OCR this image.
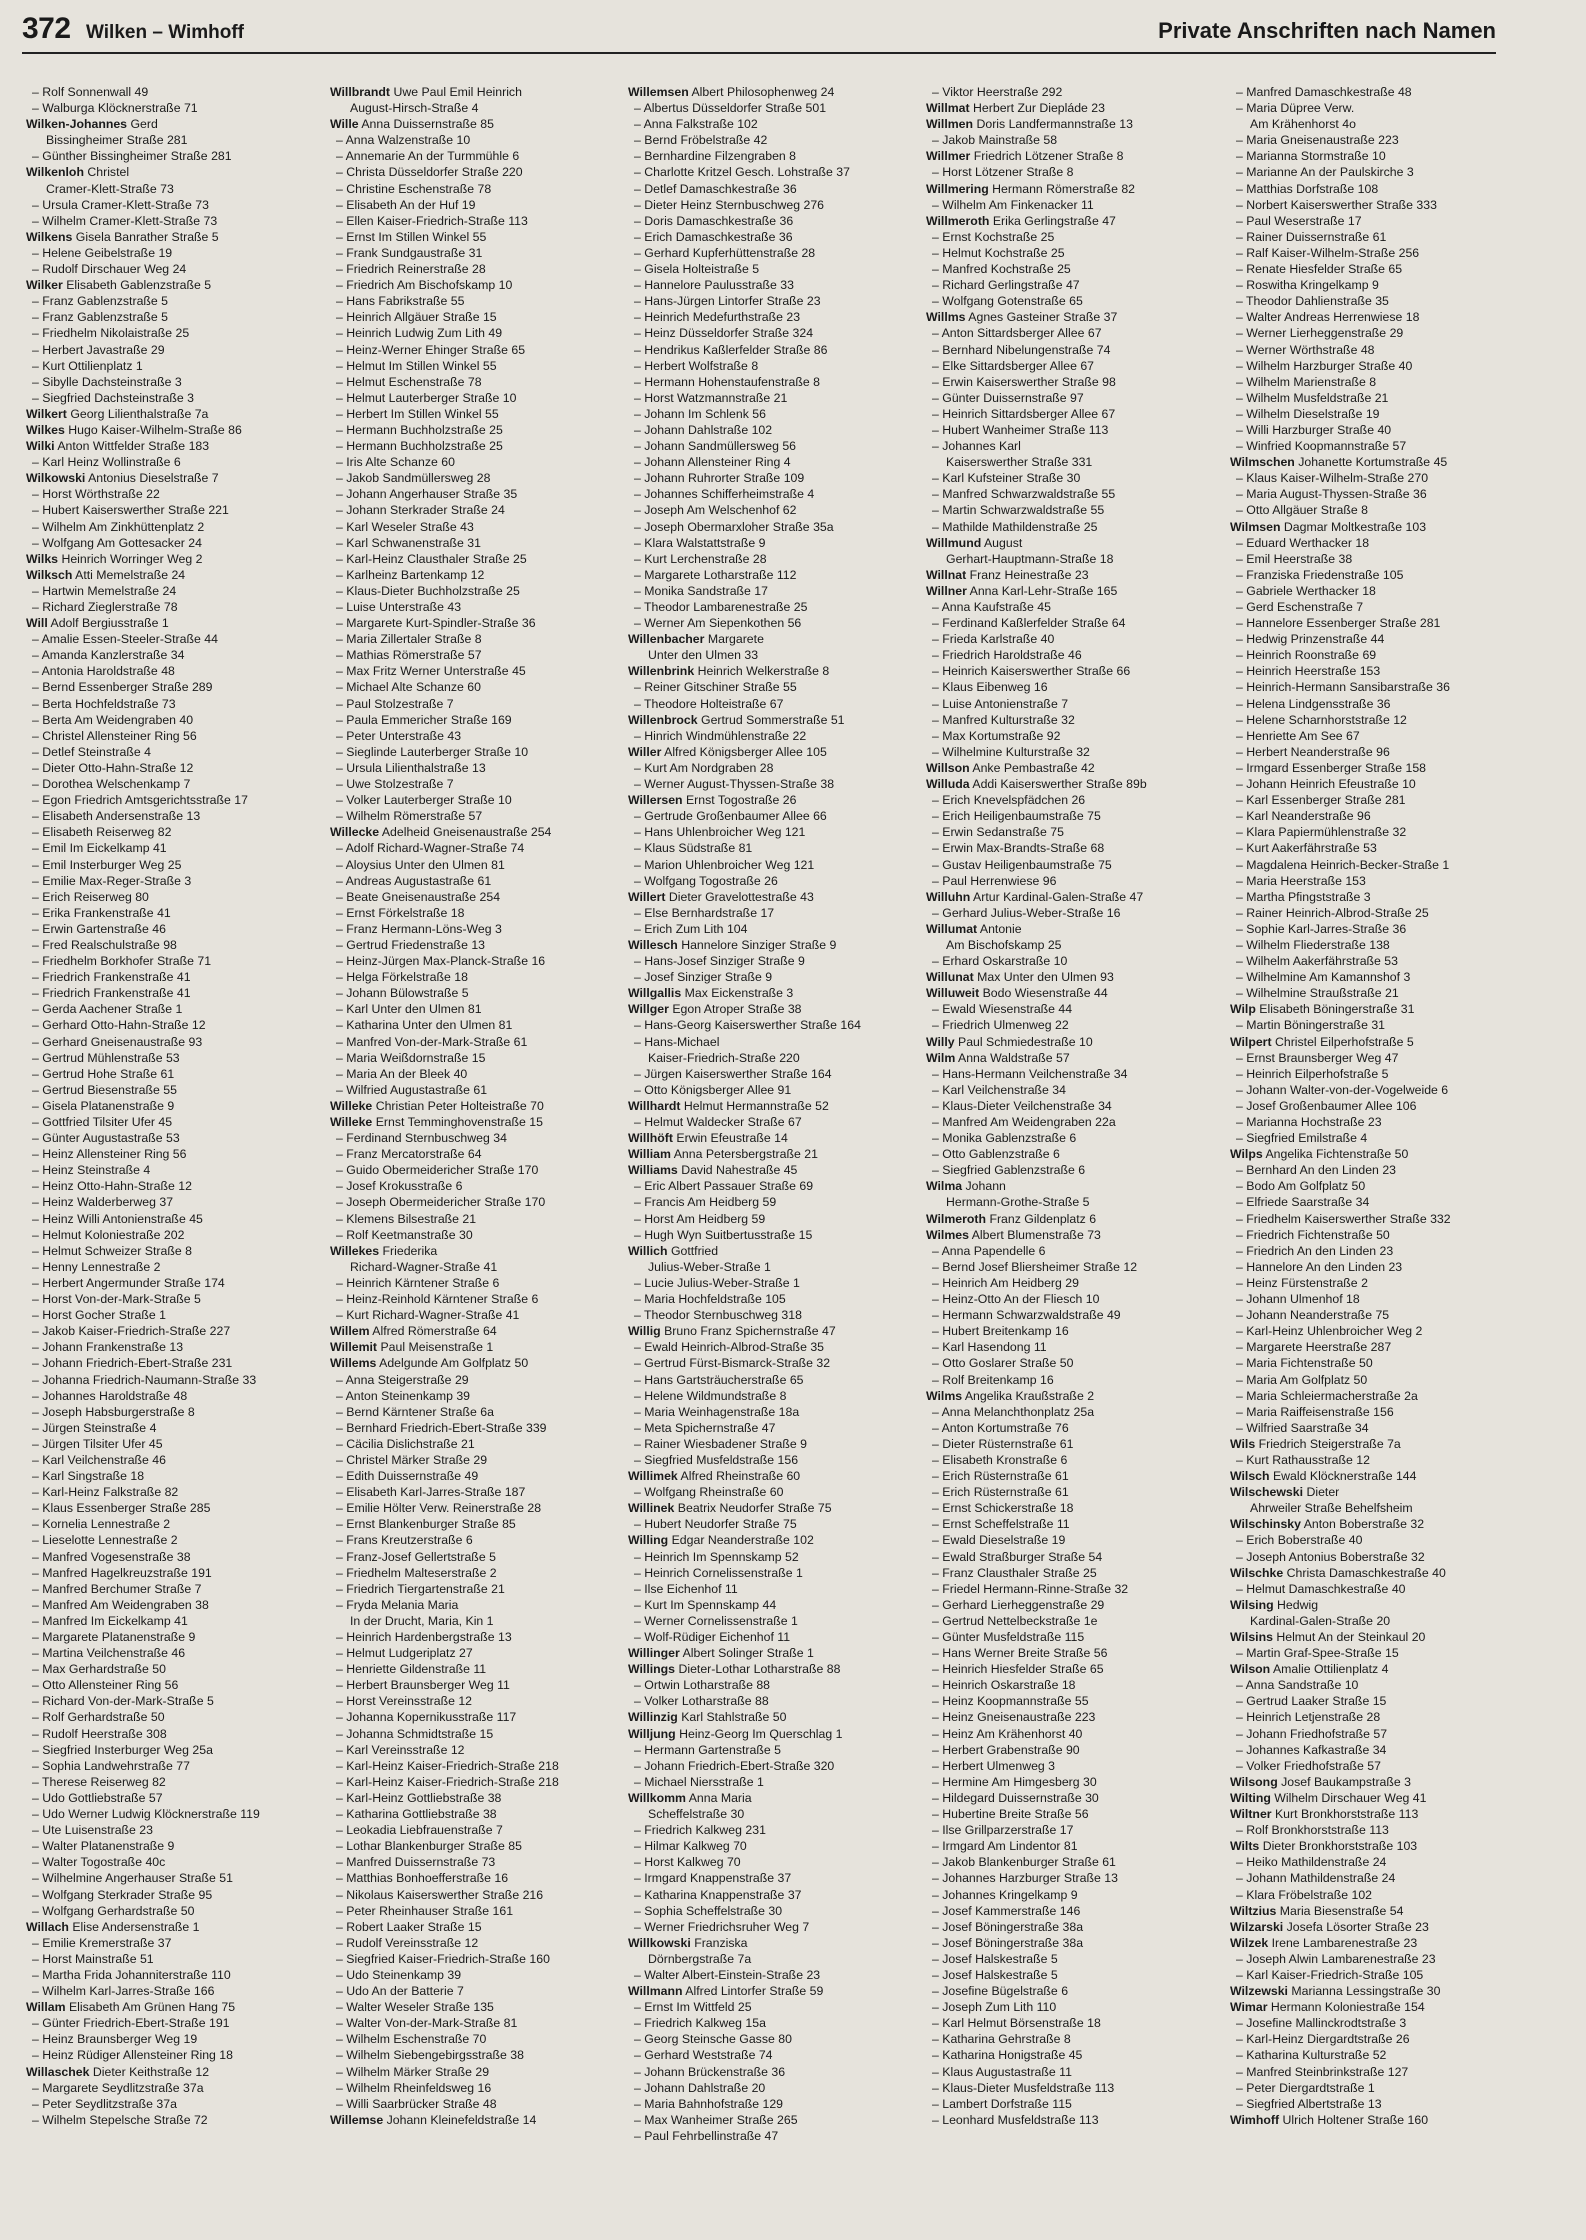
372 Wilken – Wimhoff	Private Anschriften nach Namen
– Rolf Sonnenwall 49
– Walburga Klöcknerstraße 71
Wilken-Johannes Gerd
Bissingheimer Straße 281
– Günther Bissingheimer Straße 281
Wilkenloh Christel
Cramer-Klett-Straße 73
– Ursula Cramer-Klett-Straße 73
– Wilhelm Cramer-Klett-Straße 73
Wilkens Gisela Banrather Straße 5
– Helene Geibelstraße 19
– Rudolf Dirschauer Weg 24
Wilker Elisabeth Gablenzstraße 5
– Franz Gablenzstraße 5
– Franz Gablenzstraße 5
– Friedhelm Nikolaistraße 25
– Herbert Javastraße 29
– Kurt Ottilienplatz 1
– Sibylle Dachsteinstraße 3
– Siegfried Dachsteinstraße 3
Wilkert Georg Lilienthalstraße 7a
Wilkes Hugo Kaiser-Wilhelm-Straße 86
Wilki Anton Wittfelder Straße 183
– Karl Heinz Wollinstraße 6
Wilkowski Antonius Dieselstraße 7
– Horst Wörthstraße 22
– Hubert Kaiserswerther Straße 221
– Wilhelm Am Zinkhüttenplatz 2
– Wolfgang Am Gottesacker 24
Wilks Heinrich Worringer Weg 2
Wilksch Atti Memelstraße 24
– Hartwin Memelstraße 24
– Richard Zieglerstraße 78
Will Adolf Bergiusstraße 1
– Amalie Essen-Steeler-Straße 44
– Amanda Kanzlerstraße 34
– Antonia Haroldstraße 48
– Bernd Essenberger Straße 289
– Berta Hochfeldstraße 73
– Berta Am Weidengraben 40
– Christel Allensteiner Ring 56
– Detlef Steinstraße 4
– Dieter Otto-Hahn-Straße 12
– Dorothea Welschenkamp 7
– Egon Friedrich Amtsgerichtsstraße 17
– Elisabeth Andersenstraße 13
– Elisabeth Reiserweg 82
– Emil Im Eickelkamp 41
– Emil Insterburger Weg 25
– Emilie Max-Reger-Straße 3
– Erich Reiserweg 80
– Erika Frankenstraße 41
– Erwin Gartenstraße 46
– Fred Realschulstraße 98
– Friedhelm Borkhofer Straße 71
– Friedrich Frankenstraße 41
– Friedrich Frankenstraße 41
– Gerda Aachener Straße 1
– Gerhard Otto-Hahn-Straße 12
– Gerhard Gneisenaustraße 93
– Gertrud Mühlenstraße 53
– Gertrud Hohe Straße 61
– Gertrud Biesenstraße 55
– Gisela Platanenstraße 9
– Gottfried Tilsiter Ufer 45
– Günter Augustastraße 53
– Heinz Allensteiner Ring 56
– Heinz Steinstraße 4
– Heinz Otto-Hahn-Straße 12
– Heinz Walderberweg 37
– Heinz Willi Antonienstraße 45
– Helmut Koloniestraße 202
– Helmut Schweizer Straße 8
– Henny Lennestraße 2
– Herbert Angermunder Straße 174
– Horst Von-der-Mark-Straße 5
– Horst Gocher Straße 1
– Jakob Kaiser-Friedrich-Straße 227
– Johann Frankenstraße 13
– Johann Friedrich-Ebert-Straße 231
– Johanna Friedrich-Naumann-Straße 33
– Johannes Haroldstraße 48
– Joseph Habsburgerstraße 8
– Jürgen Steinstraße 4
– Jürgen Tilsiter Ufer 45
– Karl Veilchenstraße 46
– Karl Singstraße 18
– Karl-Heinz Falkstraße 82
– Klaus Essenberger Straße 285
– Kornelia Lennestraße 2
– Lieselotte Lennestraße 2
– Manfred Vogesenstraße 38
– Manfred Hagelkreuzstraße 191
– Manfred Berchumer Straße 7
– Manfred Am Weidengraben 38
– Manfred Im Eickelkamp 41
– Margarete Platanenstraße 9
– Martina Veilchenstraße 46
– Max Gerhardstraße 50
– Otto Allensteiner Ring 56
– Richard Von-der-Mark-Straße 5
– Rolf Gerhardstraße 50
– Rudolf Heerstraße 308
– Siegfried Insterburger Weg 25a
– Sophia Landwehrstraße 77
– Therese Reiserweg 82
– Udo Gottliebstraße 57
– Udo Werner Ludwig Klöcknerstraße 119
– Ute Luisenstraße 23
– Walter Platanenstraße 9
– Walter Togostraße 40c
– Wilhelmine Angerhauser Straße 51
– Wolfgang Sterkrader Straße 95
– Wolfgang Gerhardstraße 50
Willach Elise Andersenstraße 1
– Emilie Kremerstraße 37
– Horst Mainstraße 51
– Martha Frida Johanniterstraße 110
– Wilhelm Karl-Jarres-Straße 166
Willam Elisabeth Am Grünen Hang 75
– Günter Friedrich-Ebert-Straße 191
– Heinz Braunsberger Weg 19
– Heinz Rüdiger Allensteiner Ring 18
Willaschek Dieter Keithstraße 12
– Margarete Seydlitzstraße 37a
– Peter Seydlitzstraße 37a
– Wilhelm Stepelsche Straße 72
Willbrandt Uwe Paul Emil Heinrich
August-Hirsch-Straße 4
Wille Anna Duissernstraße 85
– Anna Walzenstraße 10
– Annemarie An der Turmmühle 6
– Christa Düsseldorfer Straße 220
– Christine Eschenstraße 78
– Elisabeth An der Huf 19
– Ellen Kaiser-Friedrich-Straße 113
– Ernst Im Stillen Winkel 55
– Frank Sundgaustraße 31
– Friedrich Reinerstraße 28
– Friedrich Am Bischofskamp 10
– Hans Fabrikstraße 55
– Heinrich Allgäuer Straße 15
– Heinrich Ludwig Zum Lith 49
– Heinz-Werner Ehinger Straße 65
– Helmut Im Stillen Winkel 55
– Helmut Eschenstraße 78
– Helmut Lauterberger Straße 10
– Herbert Im Stillen Winkel 55
– Hermann Buchholzstraße 25
– Hermann Buchholzstraße 25
– Iris Alte Schanze 60
– Jakob Sandmüllersweg 28
– Johann Angerhauser Straße 35
– Johann Sterkrader Straße 24
– Karl Weseler Straße 43
– Karl Schwanenstraße 31
– Karl-Heinz Clausthaler Straße 25
– Karlheinz Bartenkamp 12
– Klaus-Dieter Buchholzstraße 25
– Luise Unterstraße 43
– Margarete Kurt-Spindler-Straße 36
– Maria Zillertaler Straße 8
– Mathias Römerstraße 57
– Max Fritz Werner Unterstraße 45
– Michael Alte Schanze 60
– Paul Stolzestraße 7
– Paula Emmericher Straße 169
– Peter Unterstraße 43
– Sieglinde Lauterberger Straße 10
– Ursula Lilienthalstraße 13
– Uwe Stolzestraße 7
– Volker Lauterberger Straße 10
– Wilhelm Römerstraße 57
Willecke Adelheid Gneisenaustraße 254
– Adolf Richard-Wagner-Straße 74
– Aloysius Unter den Ulmen 81
– Andreas Augustastraße 61
– Beate Gneisenaustraße 254
– Ernst Förkelstraße 18
– Franz Hermann-Löns-Weg 3
– Gertrud Friedenstraße 13
– Heinz-Jürgen Max-Planck-Straße 16
– Helga Förkelstraße 18
– Johann Bülowstraße 5
– Karl Unter den Ulmen 81
– Katharina Unter den Ulmen 81
– Manfred Von-der-Mark-Straße 61
– Maria Weißdornstraße 15
– Maria An der Bleek 40
– Wilfried Augustastraße 61
Willeke Christian Peter Holteistraße 70
Willeke Ernst Temminghovenstraße 15
– Ferdinand Sternbuschweg 34
– Franz Mercatorstraße 64
– Guido Obermeidericher Straße 170
– Josef Krokusstraße 6
– Joseph Obermeidericher Straße 170
– Klemens Bilsestraße 21
– Rolf Keetmanstraße 30
Willekes Friederika
Richard-Wagner-Straße 41
– Heinrich Kärntener Straße 6
– Heinz-Reinhold Kärntener Straße 6
– Kurt Richard-Wagner-Straße 41
Willem Alfred Römerstraße 64
Willemit Paul Meisenstraße 1
Willems Adelgunde Am Golfplatz 50
– Anna Steigerstraße 29
– Anton Steinenkamp 39
– Bernd Kärntener Straße 6a
– Bernhard Friedrich-Ebert-Straße 339
– Cäcilia Dislichstraße 21
– Christel Märker Straße 29
– Edith Duissernstraße 49
– Elisabeth Karl-Jarres-Straße 187
– Emilie Hölter Verw. Reinerstraße 28
– Ernst Blankenburger Straße 85
– Frans Kreutzerstraße 6
– Franz-Josef Gellertstraße 5
– Friedhelm Malteserstraße 2
– Friedrich Tiergartenstraße 21
– Fryda Melania Maria
In der Drucht, Maria, Kin 1
– Heinrich Hardenbergstraße 13
– Helmut Ludgeriplatz 27
– Henriette Gildenstraße 11
– Herbert Braunsberger Weg 11
– Horst Vereinsstraße 12
– Johanna Kopernikusstraße 117
– Johanna Schmidtstraße 15
– Karl Vereinsstraße 12
– Karl-Heinz Kaiser-Friedrich-Straße 218
– Karl-Heinz Kaiser-Friedrich-Straße 218
– Karl-Heinz Gottliebstraße 38
– Katharina Gottliebstraße 38
– Leokadia Liebfrauenstraße 7
– Lothar Blankenburger Straße 85
– Manfred Duissernstraße 73
– Matthias Bonhoefferstraße 16
– Nikolaus Kaiserswerther Straße 216
– Peter Rheinhauser Straße 161
– Robert Laaker Straße 15
– Rudolf Vereinsstraße 12
– Siegfried Kaiser-Friedrich-Straße 160
– Udo Steinenkamp 39
– Udo An der Batterie 7
– Walter Weseler Straße 135
– Walter Von-der-Mark-Straße 81
– Wilhelm Eschenstraße 70
– Wilhelm Siebengebirgsstraße 38
– Wilhelm Märker Straße 29
– Wilhelm Rheinfeldsweg 16
– Willi Saarbrücker Straße 48
Willemse Johann Kleinefeldstraße 14
Willemsen Albert Philosophenweg 24
– Albertus Düsseldorfer Straße 501
– Anna Falkstraße 102
– Bernd Fröbelstraße 42
– Bernhardine Filzengraben 8
– Charlotte Kritzel Gesch. Lohstraße 37
– Detlef Damaschkestraße 36
– Dieter Heinz Sternbuschweg 276
– Doris Damaschkestraße 36
– Erich Damaschkestraße 36
– Gerhard Kupferhüttenstraße 28
– Gisela Holteistraße 5
– Hannelore Paulusstraße 33
– Hans-Jürgen Lintorfer Straße 23
– Heinrich Medefurthstraße 23
– Heinz Düsseldorfer Straße 324
– Hendrikus Kaßlerfelder Straße 86
– Herbert Wolfstraße 8
– Hermann Hohenstaufenstraße 8
– Horst Watzmannstraße 21
– Johann Im Schlenk 56
– Johann Dahlstraße 102
– Johann Sandmüllersweg 56
– Johann Allensteiner Ring 4
– Johann Ruhrorter Straße 109
– Johannes Schifferheimstraße 4
– Joseph Am Welschenhof 62
– Joseph Obermarxloher Straße 35a
– Klara Walstattstraße 9
– Kurt Lerchenstraße 28
– Margarete Lotharstraße 112
– Monika Sandstraße 17
– Theodor Lambarenestraße 25
– Werner Am Siepenkothen 56
Willenbacher Margarete
Unter den Ulmen 33
Willenbrink Heinrich Welkerstraße 8
– Reiner Gitschiner Straße 55
– Theodore Holteistraße 67
Willenbrock Gertrud Sommerstraße 51
– Hinrich Windmühlenstraße 22
Willer Alfred Königsberger Allee 105
– Kurt Am Nordgraben 28
– Werner August-Thyssen-Straße 38
Willersen Ernst Togostraße 26
– Gertrude Großenbaumer Allee 66
– Hans Uhlenbroicher Weg 121
– Klaus Südstraße 81
– Marion Uhlenbroicher Weg 121
– Wolfgang Togostraße 26
Willert Dieter Gravelottestraße 43
– Else Bernhardstraße 17
– Erich Zum Lith 104
Willesch Hannelore Sinziger Straße 9
– Hans-Josef Sinziger Straße 9
– Josef Sinziger Straße 9
Willgallis Max Eickenstraße 3
Willger Egon Atroper Straße 38
– Hans-Georg Kaiserswerther Straße 164
– Hans-Michael
Kaiser-Friedrich-Straße 220
– Jürgen Kaiserswerther Straße 164
– Otto Königsberger Allee 91
Willhardt Helmut Hermannstraße 52
– Helmut Waldecker Straße 67
Willhöft Erwin Efeustraße 14
William Anna Petersbergstraße 21
Williams David Nahestraße 45
– Eric Albert Passauer Straße 69
– Francis Am Heidberg 59
– Horst Am Heidberg 59
– Hugh Wyn Suitbertusstraße 15
Willich Gottfried
Julius-Weber-Straße 1
– Lucie Julius-Weber-Straße 1
– Maria Hochfeldstraße 105
– Theodor Sternbuschweg 318
Willig Bruno Franz Spichernstraße 47
– Ewald Heinrich-Albrod-Straße 35
– Gertrud Fürst-Bismarck-Straße 32
– Hans Gartsträucherstraße 65
– Helene Wildmundstraße 8
– Maria Weinhagenstraße 18a
– Meta Spichernstraße 47
– Rainer Wiesbadener Straße 9
– Siegfried Musfeldstraße 156
Willimek Alfred Rheinstraße 60
– Wolfgang Rheinstraße 60
Willinek Beatrix Neudorfer Straße 75
– Hubert Neudorfer Straße 75
Willing Edgar Neanderstraße 102
– Heinrich Im Spennskamp 52
– Heinrich Cornelissenstraße 1
– Ilse Eichenhof 11
– Kurt Im Spennskamp 44
– Werner Cornelissenstraße 1
– Wolf-Rüdiger Eichenhof 11
Willinger Albert Solinger Straße 1
Willings Dieter-Lothar Lotharstraße 88
– Ortwin Lotharstraße 88
– Volker Lotharstraße 88
Willinzig Karl Stahlstraße 50
Willjung Heinz-Georg Im Querschlag 1
– Hermann Gartenstraße 5
– Johann Friedrich-Ebert-Straße 320
– Michael Niersstraße 1
Willkomm Anna Maria
Scheffelstraße 30
– Friedrich Kalkweg 231
– Hilmar Kalkweg 70
– Horst Kalkweg 70
– Irmgard Knappenstraße 37
– Katharina Knappenstraße 37
– Sophia Scheffelstraße 30
– Werner Friedrichsruher Weg 7
Willkowski Franziska
Dörnbergstraße 7a
– Walter Albert-Einstein-Straße 23
Willmann Alfred Lintorfer Straße 59
– Ernst Im Wittfeld 25
– Friedrich Kalkweg 15a
– Georg Steinsche Gasse 80
– Gerhard Weststraße 74
– Johann Brückenstraße 36
– Johann Dahlstraße 20
– Maria Bahnhofstraße 129
– Max Wanheimer Straße 265
– Paul Fehrbellinstraße 47
– Viktor Heerstraße 292
Willmat Herbert Zur Diepláde 23
Willmen Doris Landfermannstraße 13
– Jakob Mainstraße 58
Willmer Friedrich Lötzener Straße 8
– Horst Lötzener Straße 8
Willmering Hermann Römerstraße 82
– Wilhelm Am Finkenacker 11
Willmeroth Erika Gerlingstraße 47
– Ernst Kochstraße 25
– Helmut Kochstraße 25
– Manfred Kochstraße 25
– Richard Gerlingstraße 47
– Wolfgang Gotenstraße 65
Willms Agnes Gasteiner Straße 37
– Anton Sittardsberger Allee 67
– Bernhard Nibelungenstraße 74
– Elke Sittardsberger Allee 67
– Erwin Kaiserswerther Straße 98
– Günter Duissernstraße 97
– Heinrich Sittardsberger Allee 67
– Hubert Wanheimer Straße 113
– Johannes Karl
Kaiserswerther Straße 331
– Karl Kufsteiner Straße 30
– Manfred Schwarzwaldstraße 55
– Martin Schwarzwaldstraße 55
– Mathilde Mathildenstraße 25
Willmund August
Gerhart-Hauptmann-Straße 18
Willnat Franz Heinestraße 23
Willner Anna Karl-Lehr-Straße 165
– Anna Kaufstraße 45
– Ferdinand Kaßlerfelder Straße 64
– Frieda Karlstraße 40
– Friedrich Haroldstraße 46
– Heinrich Kaiserswerther Straße 66
– Klaus Eibenweg 16
– Luise Antonienstraße 7
– Manfred Kulturstraße 32
– Max Kortumstraße 92
– Wilhelmine Kulturstraße 32
Willson Anke Pembastraße 42
Willuda Addi Kaiserswerther Straße 89b
– Erich Knevelspfädchen 26
– Erich Heiligenbaumstraße 75
– Erwin Sedanstraße 75
– Erwin Max-Brandts-Straße 68
– Gustav Heiligenbaumstraße 75
– Paul Herrenwiese 96
Willuhn Artur Kardinal-Galen-Straße 47
– Gerhard Julius-Weber-Straße 16
Willumat Antonie
Am Bischofskamp 25
– Erhard Oskarstraße 10
Willunat Max Unter den Ulmen 93
Willuweit Bodo Wiesenstraße 44
– Ewald Wiesenstraße 44
– Friedrich Ulmenweg 22
Willy Paul Schmiedestraße 10
Wilm Anna Waldstraße 57
– Hans-Hermann Veilchenstraße 34
– Karl Veilchenstraße 34
– Klaus-Dieter Veilchenstraße 34
– Manfred Am Weidengraben 22a
– Monika Gablenzstraße 6
– Otto Gablenzstraße 6
– Siegfried Gablenzstraße 6
Wilma Johann
Hermann-Grothe-Straße 5
Wilmeroth Franz Gildenplatz 6
Wilmes Albert Blumenstraße 73
– Anna Papendelle 6
– Bernd Josef Bliersheimer Straße 12
– Heinrich Am Heidberg 29
– Heinz-Otto An der Fliesch 10
– Hermann Schwarzwaldstraße 49
– Hubert Breitenkamp 16
– Karl Hasendong 11
– Otto Goslarer Straße 50
– Rolf Breitenkamp 16
Wilms Angelika Kraußstraße 2
– Anna Melanchthonplatz 25a
– Anton Kortumstraße 76
– Dieter Rüsternstraße 61
– Elisabeth Kronstraße 6
– Erich Rüsternstraße 61
– Erich Rüsternstraße 61
– Ernst Schickerstraße 18
– Ernst Scheffelstraße 11
– Ewald Dieselstraße 19
– Ewald Straßburger Straße 54
– Franz Clausthaler Straße 25
– Friedel Hermann-Rinne-Straße 32
– Gerhard Lierheggenstraße 29
– Gertrud Nettelbeckstraße 1e
– Günter Musfeldstraße 115
– Hans Werner Breite Straße 56
– Heinrich Hiesfelder Straße 65
– Heinrich Oskarstraße 18
– Heinz Koopmannstraße 55
– Heinz Gneisenaustraße 223
– Heinz Am Krähenhorst 40
– Herbert Grabenstraße 90
– Herbert Ulmenweg 3
– Hermine Am Himgesberg 30
– Hildegard Duissernstraße 30
– Hubertine Breite Straße 56
– Ilse Grillparzerstraße 17
– Irmgard Am Lindentor 81
– Jakob Blankenburger Straße 61
– Johannes Harzburger Straße 13
– Johannes Kringelkamp 9
– Josef Kammerstraße 146
– Josef Böningerstraße 38a
– Josef Böningerstraße 38a
– Josef Halskestraße 5
– Josef Halskestraße 5
– Josefine Bügelstraße 6
– Joseph Zum Lith 110
– Karl Helmut Börsenstraße 18
– Katharina Gehrstraße 8
– Katharina Honigstraße 45
– Klaus Augustastraße 11
– Klaus-Dieter Musfeldstraße 113
– Lambert Dorfstraße 115
– Leonhard Musfeldstraße 113
– Manfred Damaschkestraße 48
– Maria Düpree Verw.
Am Krähenhorst 4o
– Maria Gneisenaustraße 223
– Marianna Stormstraße 10
– Marianne An der Paulskirche 3
– Matthias Dorfstraße 108
– Norbert Kaiserswerther Straße 333
– Paul Weserstraße 17
– Rainer Duissernstraße 61
– Ralf Kaiser-Wilhelm-Straße 256
– Renate Hiesfelder Straße 65
– Roswitha Kringelkamp 9
– Theodor Dahlienstraße 35
– Walter Andreas Herrenwiese 18
– Werner Lierheggenstraße 29
– Werner Wörthstraße 48
– Wilhelm Harzburger Straße 40
– Wilhelm Marienstraße 8
– Wilhelm Musfeldstraße 21
– Wilhelm Dieselstraße 19
– Willi Harzburger Straße 40
– Winfried Koopmannstraße 57
Wilmschen Johanette Kortumstraße 45
– Klaus Kaiser-Wilhelm-Straße 270
– Maria August-Thyssen-Straße 36
– Otto Allgäuer Straße 8
Wilmsen Dagmar Moltkestraße 103
– Eduard Werthacker 18
– Emil Heerstraße 38
– Franziska Friedenstraße 105
– Gabriele Werthacker 18
– Gerd Eschenstraße 7
– Hannelore Essenberger Straße 281
– Hedwig Prinzenstraße 44
– Heinrich Roonstraße 69
– Heinrich Heerstraße 153
– Heinrich-Hermann Sansibarstraße 36
– Helena Lindgensstraße 36
– Helene Scharnhorststraße 12
– Henriette Am See 67
– Herbert Neanderstraße 96
– Irmgard Essenberger Straße 158
– Johann Heinrich Efeustraße 10
– Karl Essenberger Straße 281
– Karl Neanderstraße 96
– Klara Papiermühlenstraße 32
– Kurt Aakerfährstraße 53
– Magdalena Heinrich-Becker-Straße 1
– Maria Heerstraße 153
– Martha Pfingststraße 3
– Rainer Heinrich-Albrod-Straße 25
– Sophie Karl-Jarres-Straße 36
– Wilhelm Fliederstraße 138
– Wilhelm Aakerfährstraße 53
– Wilhelmine Am Kamannshof 3
– Wilhelmine Straußstraße 21
Wilp Elisabeth Böningerstraße 31
– Martin Böningerstraße 31
Wilpert Christel Eilperhofstraße 5
– Ernst Braunsberger Weg 47
– Heinrich Eilperhofstraße 5
– Johann Walter-von-der-Vogelweide 6
– Josef Großenbaumer Allee 106
– Marianna Hochstraße 23
– Siegfried Emilstraße 4
Wilps Angelika Fichtenstraße 50
– Bernhard An den Linden 23
– Bodo Am Golfplatz 50
– Elfriede Saarstraße 34
– Friedhelm Kaiserswerther Straße 332
– Friedrich Fichtenstraße 50
– Friedrich An den Linden 23
– Hannelore An den Linden 23
– Heinz Fürstenstraße 2
– Johann Ulmenhof 18
– Johann Neanderstraße 75
– Karl-Heinz Uhlenbroicher Weg 2
– Margarete Heerstraße 287
– Maria Fichtenstraße 50
– Maria Am Golfplatz 50
– Maria Schleiermacherstraße 2a
– Maria Raiffeisenstraße 156
– Wilfried Saarstraße 34
Wils Friedrich Steigerstraße 7a
– Kurt Rathausstraße 12
Wilsch Ewald Klöcknerstraße 144
Wilschewski Dieter
Ahrweiler Straße Behelfsheim
Wilschinsky Anton Boberstraße 32
– Erich Boberstraße 40
– Joseph Antonius Boberstraße 32
Wilschke Christa Damaschkestraße 40
– Helmut Damaschkestraße 40
Wilsing Hedwig
Kardinal-Galen-Straße 20
Wilsins Helmut An der Steinkaul 20
– Martin Graf-Spee-Straße 15
Wilson Amalie Ottilienplatz 4
– Anna Sandstraße 10
– Gertrud Laaker Straße 15
– Heinrich Letjenstraße 28
– Johann Friedhofstraße 57
– Johannes Kafkastraße 34
– Volker Friedhofstraße 57
Wilsong Josef Baukampstraße 3
Wilting Wilhelm Dirschauer Weg 41
Wiltner Kurt Bronkhorststraße 113
– Rolf Bronkhorststraße 113
Wilts Dieter Bronkhorststraße 103
– Heiko Mathildenstraße 24
– Johann Mathildenstraße 24
– Klara Fröbelstraße 102
Wiltzius Maria Biesenstraße 54
Wilzarski Josefa Lösorter Straße 23
Wilzek Irene Lambarenestraße 23
– Joseph Alwin Lambarenestraße 23
– Karl Kaiser-Friedrich-Straße 105
Wilzewski Marianna Lessingstraße 30
Wimar Hermann Koloniestraße 154
– Josefine Mallinckrodtstraße 3
– Karl-Heinz Diergardtstraße 26
– Katharina Kulturstraße 52
– Manfred Steinbrinkstraße 127
– Peter Diergardtstraße 1
– Siegfried Albertstraße 13
Wimhoff Ulrich Holtener Straße 160
